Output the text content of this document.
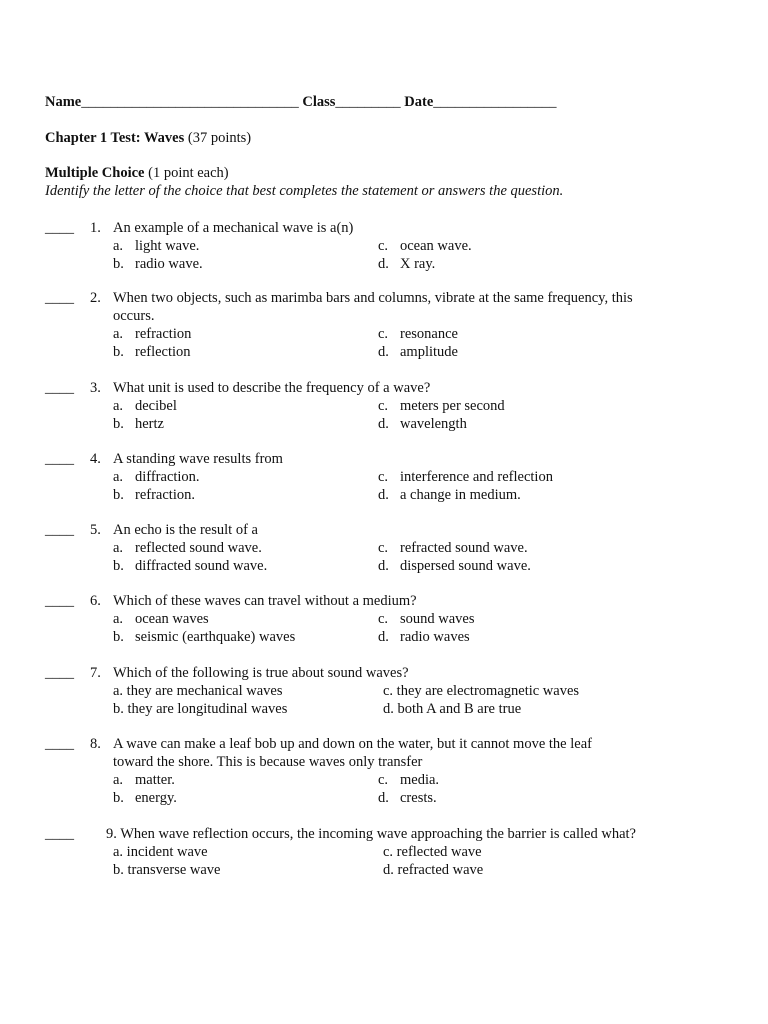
Name______________________________ Class_________ Date_________________
Chapter 1 Test: Waves (37 points)
Multiple Choice (1 point each)
Identify the letter of the choice that best completes the statement or answers the question.
____ 1. An example of a mechanical wave is a(n)
a. light wave.
b. radio wave.
c. ocean wave.
d. X ray.
____ 2. When two objects, such as marimba bars and columns, vibrate at the same frequency, this occurs.
a. refraction
b. reflection
c. resonance
d. amplitude
____ 3. What unit is used to describe the frequency of a wave?
a. decibel
b. hertz
c. meters per second
d. wavelength
____ 4. A standing wave results from
a. diffraction.
b. refraction.
c. interference and reflection
d. a change in medium.
____ 5. An echo is the result of a
a. reflected sound wave.
b. diffracted sound wave.
c. refracted sound wave.
d. dispersed sound wave.
____ 6. Which of these waves can travel without a medium?
a. ocean waves
b. seismic (earthquake) waves
c. sound waves
d. radio waves
____ 7. Which of the following is true about sound waves?
a. they are mechanical waves
b. they are longitudinal waves
c. they are electromagnetic waves
d. both A and B are true
____ 8. A wave can make a leaf bob up and down on the water, but it cannot move the leaf toward the shore. This is because waves only transfer
a. matter.
b. energy.
c. media.
d. crests.
____ 9. When wave reflection occurs, the incoming wave approaching the barrier is called what?
a. incident wave
b. transverse wave
c. reflected wave
d. refracted wave
